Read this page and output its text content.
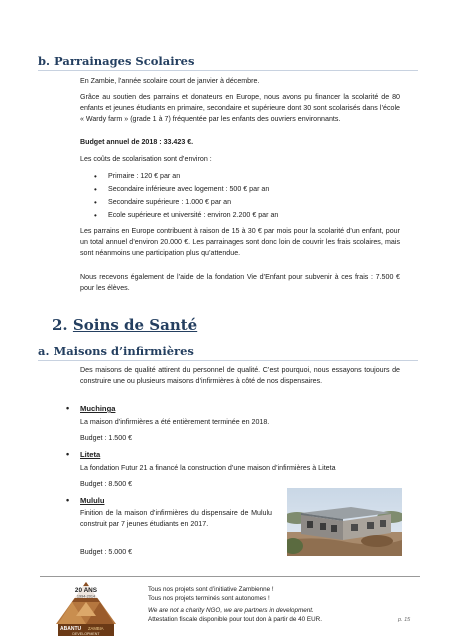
b. Parrainages Scolaires
En Zambie, l’année scolaire court de janvier à décembre.
Grâce au soutien des parrains et donateurs en Europe, nous avons pu financer la scolarité de 80 enfants et jeunes étudiants en primaire, secondaire et supérieure dont 30 sont scolarisés dans l’école « Wardy farm » (grade 1 à 7) fréquentée par les enfants des ouvriers environnants.
Budget annuel de 2018 : 33.423 €.
Les coûts de scolarisation sont d’environ :
• Primaire : 120 € par an
• Secondaire inférieure avec logement : 500 € par an
• Secondaire supérieure : 1.000 € par an
• Ecole supérieure et université : environ 2.200 € par an
Les parrains en Europe contribuent à raison de 15 à 30 € par mois pour la scolarité d’un enfant, pour un total annuel d’environ 20.000 €. Les parrainages sont donc loin de couvrir les frais scolaires, mais sont néanmoins une participation plus qu’attendue.
Nous recevons également de l’aide de la fondation Vie d’Enfant pour subvenir à ces frais : 7.500 € pour les élèves.
2. Soins de Santé
a. Maisons d’infirmières
Des maisons de qualité attirent du personnel de qualité. C’est pourquoi, nous essayons toujours de construire une ou plusieurs maisons d’infirmières à côté de nos dispensaires.
• Muchinga
La maison d’infirmières a été entièrement terminée en 2018.
Budget : 1.500 €
• Liteta
La fondation Futur 21 a financé la construction d’une maison d’infirmières à Liteta
Budget : 8.500 €
• Mululu
Finition de la maison d’infirmières du dispensaire de Mululu construit par 7 jeunes étudiants en 2017.
Budget : 5.000 €
20 ANS
1994-2014
ABANTU ZAMBIA
DEVELOPMENT
Tous nos projets sont d’initiative Zambienne !
Tous nos projets terminés sont autonomes !
We are not a charity NGO, we are partners in development.
Attestation fiscale disponible pour tout don à partir de 40 EUR.	p. 15
